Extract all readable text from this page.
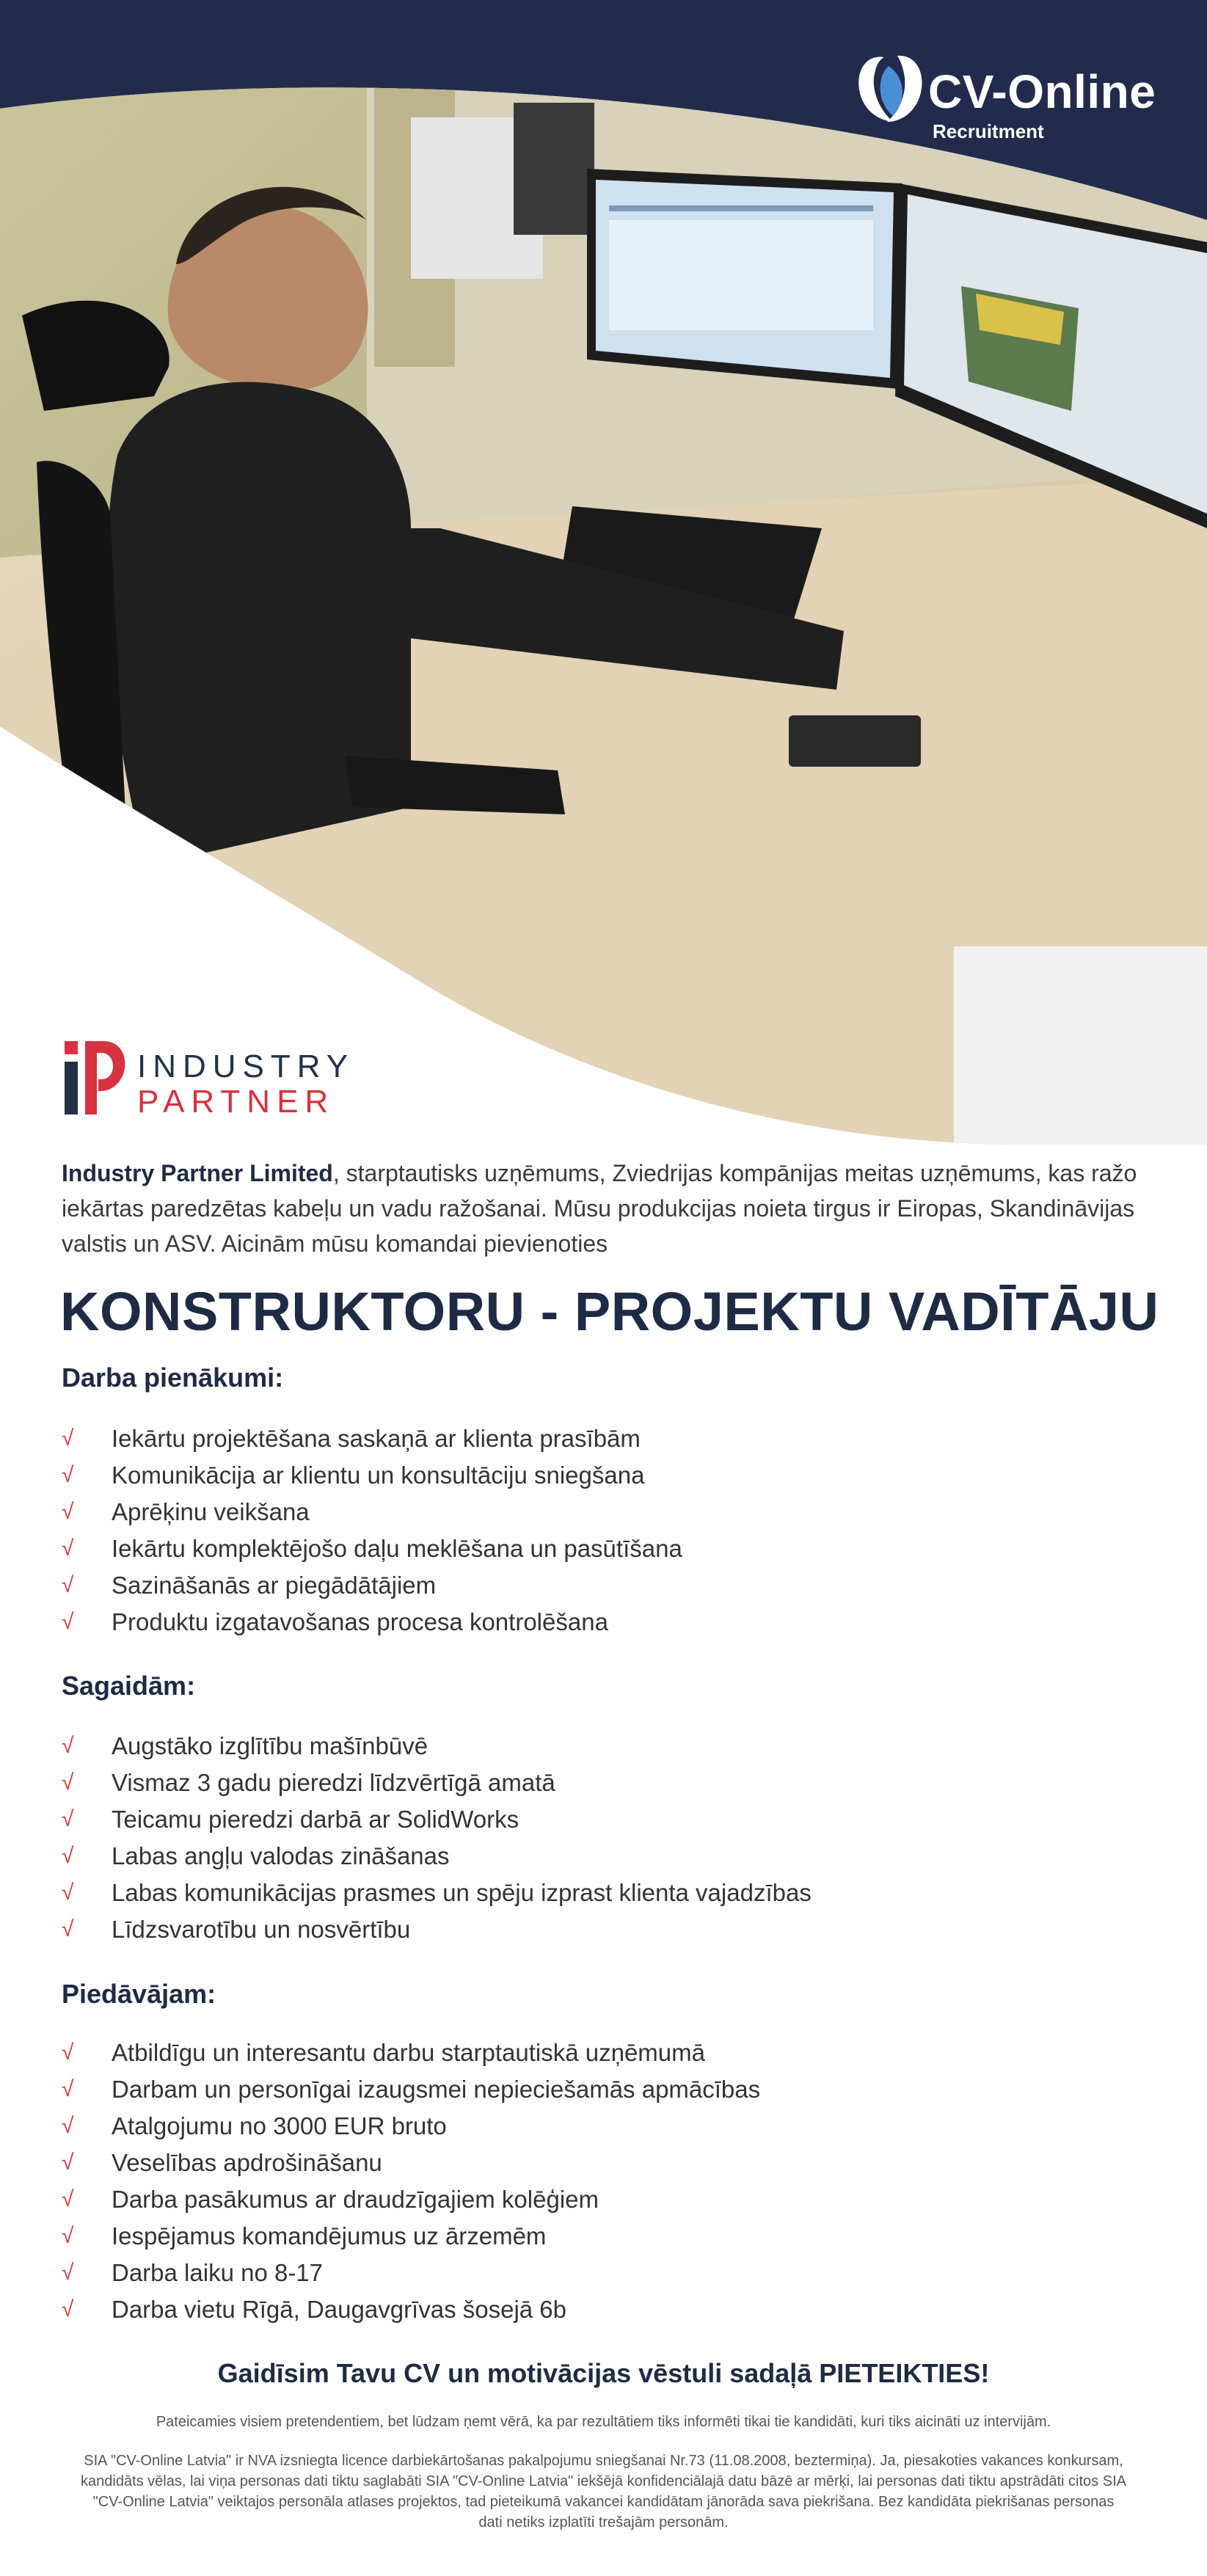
CV-Online
Recruitment
INDUSTRY
PARTNER
Industry Partner Limited, starptautisks uzņēmums, Zviedrijas kompānijas meitas uzņēmums, kas ražo iekārtas paredzētas kabeļu un vadu ražošanai. Mūsu produkcijas noieta tirgus ir Eiropas, Skandināvijas valstis un ASV. Aicinām mūsu komandai pievienoties
KONSTRUKTORU - PROJEKTU VADĪTĀJU
Darba pienākumi:
√	Iekārtu projektēšana saskaņā ar klienta prasībām
√	Komunikācija ar klientu un konsultāciju sniegšana
√	Aprēķinu veikšana
√	Iekārtu komplektējošo daļu meklēšana un pasūtīšana
√	Sazināšanās ar piegādātājiem
√	Produktu izgatavošanas procesa kontrolēšana
Sagaidām:
√	Augstāko izglītību mašīnbūvē
√	Vismaz 3 gadu pieredzi līdzvērtīgā amatā
√	Teicamu pieredzi darbā ar SolidWorks
√	Labas angļu valodas zināšanas
√	Labas komunikācijas prasmes un spēju izprast klienta vajadzības
√	Līdzsvarotību un nosvērtību
Piedāvājam:
√	Atbildīgu un interesantu darbu starptautiskā uzņēmumā
√	Darbam un personīgai izaugsmei nepieciešamās apmācības
√	Atalgojumu no 3000 EUR bruto
√	Veselības apdrošināšanu
√	Darba pasākumus ar draudzīgajiem kolēģiem
√	Iespējamus komandējumus uz ārzemēm
√	Darba laiku no 8-17
√	Darba vietu Rīgā, Daugavgrīvas šosejā 6b
Gaidīsim Tavu CV un motivācijas vēstuli sadaļā PIETEIKTIES!
Pateicamies visiem pretendentiem, bet lūdzam ņemt vērā, ka par rezultātiem tiks informēti tikai tie kandidāti, kuri tiks aicināti uz intervijām.
SIA "CV-Online Latvia" ir NVA izsniegta licence darbiekārtošanas pakalpojumu sniegšanai Nr.73 (11.08.2008, beztermiņa). Ja, piesakoties vakances konkursam, kandidāts vēlas, lai viņa personas dati tiktu saglabāti SIA "CV-Online Latvia" iekšējā konfidenciālajā datu bāzē ar mērķi, lai personas dati tiktu apstrādāti citos SIA "CV-Online Latvia" veiktajos personāla atlases projektos, tad pieteikumā vakancei kandidātam jānorāda sava piekrišana. Bez kandidāta piekrišanas personas dati netiks izplatīti trešajām personām.
